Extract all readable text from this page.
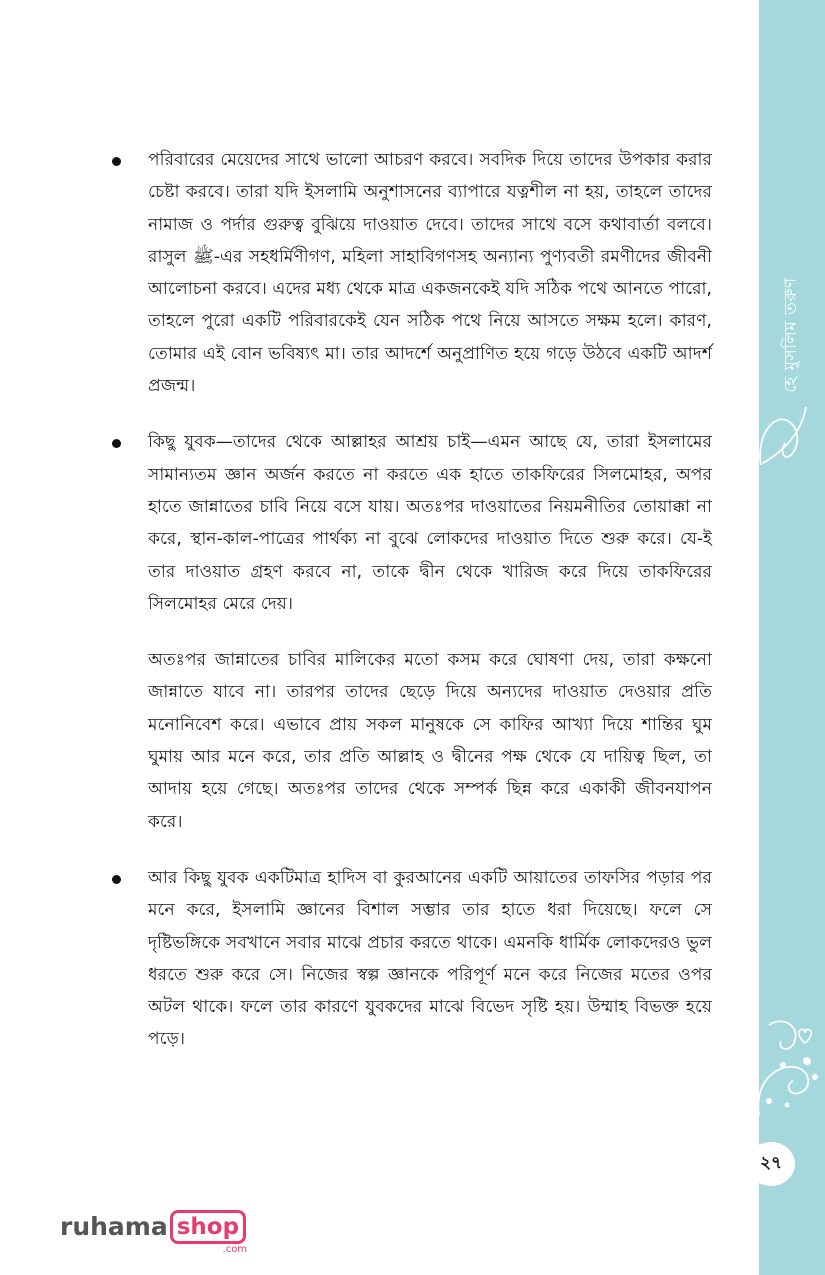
পরিবারের মেয়েদের সাথে ভালো আচরণ করবে। সবদিক দিয়ে তাদের উপকার করার চেষ্টা করবে। তারা যদি ইসলামি অনুশাসনের ব্যাপারে যত্নশীল না হয়, তাহলে তাদের নামাজ ও পর্দার গুরুত্ব বুঝিয়ে দাওয়াত দেবে। তাদের সাথে বসে কথাবার্তা বলবে। রাসুল ﷺ-এর সহধর্মিণীগণ, মহিলা সাহাবিগণসহ অন্যান্য পুণ্যবতী রমণীদের জীবনী আলোচনা করবে। এদের মধ্য থেকে মাত্র একজনকেই যদি সঠিক পথে আনতে পারো, তাহলে পুরো একটি পরিবারকেই যেন সঠিক পথে নিয়ে আসতে সক্ষম হলে। কারণ, তোমার এই বোন ভবিষ্যৎ মা। তার আদর্শে অনুপ্রাণিত হয়ে গড়ে উঠবে একটি আদর্শ প্রজন্ম।

কিছু যুবক—তাদের থেকে আল্লাহর আশ্রয় চাই—এমন আছে যে, তারা ইসলামের সামান্যতম জ্ঞান অর্জন করতে না করতে এক হাতে তাকফিরের সিলমোহর, অপর হাতে জান্নাতের চাবি নিয়ে বসে যায়। অতঃপর দাওয়াতের নিয়মনীতির তোয়াক্কা না করে, স্থান-কাল-পাত্রের পার্থক্য না বুঝে লোকদের দাওয়াত দিতে শুরু করে। যে-ই তার দাওয়াত গ্রহণ করবে না, তাকে দ্বীন থেকে খারিজ করে দিয়ে তাকফিরের সিলমোহর মেরে দেয়।

অতঃপর জান্নাতের চাবির মালিকের মতো কসম করে ঘোষণা দেয়, তারা কক্ষনো জান্নাতে যাবে না। তারপর তাদের ছেড়ে দিয়ে অন্যদের দাওয়াত দেওয়ার প্রতি মনোনিবেশ করে। এভাবে প্রায় সকল মানুষকে সে কাফির আখ্যা দিয়ে শান্তির ঘুম ঘুমায় আর মনে করে, তার প্রতি আল্লাহ ও দ্বীনের পক্ষ থেকে যে দায়িত্ব ছিল, তা আদায় হয়ে গেছে। অতঃপর তাদের থেকে সম্পর্ক ছিন্ন করে একাকী জীবনযাপন করে।

আর কিছু যুবক একটিমাত্র হাদিস বা কুরআনের একটি আয়াতের তাফসির পড়ার পর মনে করে, ইসলামি জ্ঞানের বিশাল সম্ভার তার হাতে ধরা দিয়েছে। ফলে সে দৃষ্টিভঙ্গিকে সবখানে সবার মাঝে প্রচার করতে থাকে। এমনকি ধার্মিক লোকদেরও ভুল ধরতে শুরু করে সে। নিজের স্বল্প জ্ঞানকে পরিপূর্ণ মনে করে নিজের মতের ওপর অটল থাকে। ফলে তার কারণে যুবকদের মাঝে বিভেদ সৃষ্টি হয়। উম্মাহ বিভক্ত হয়ে পড়ে।

হে মুসলিম তরুণ
২৭
ruhama shop
.com
